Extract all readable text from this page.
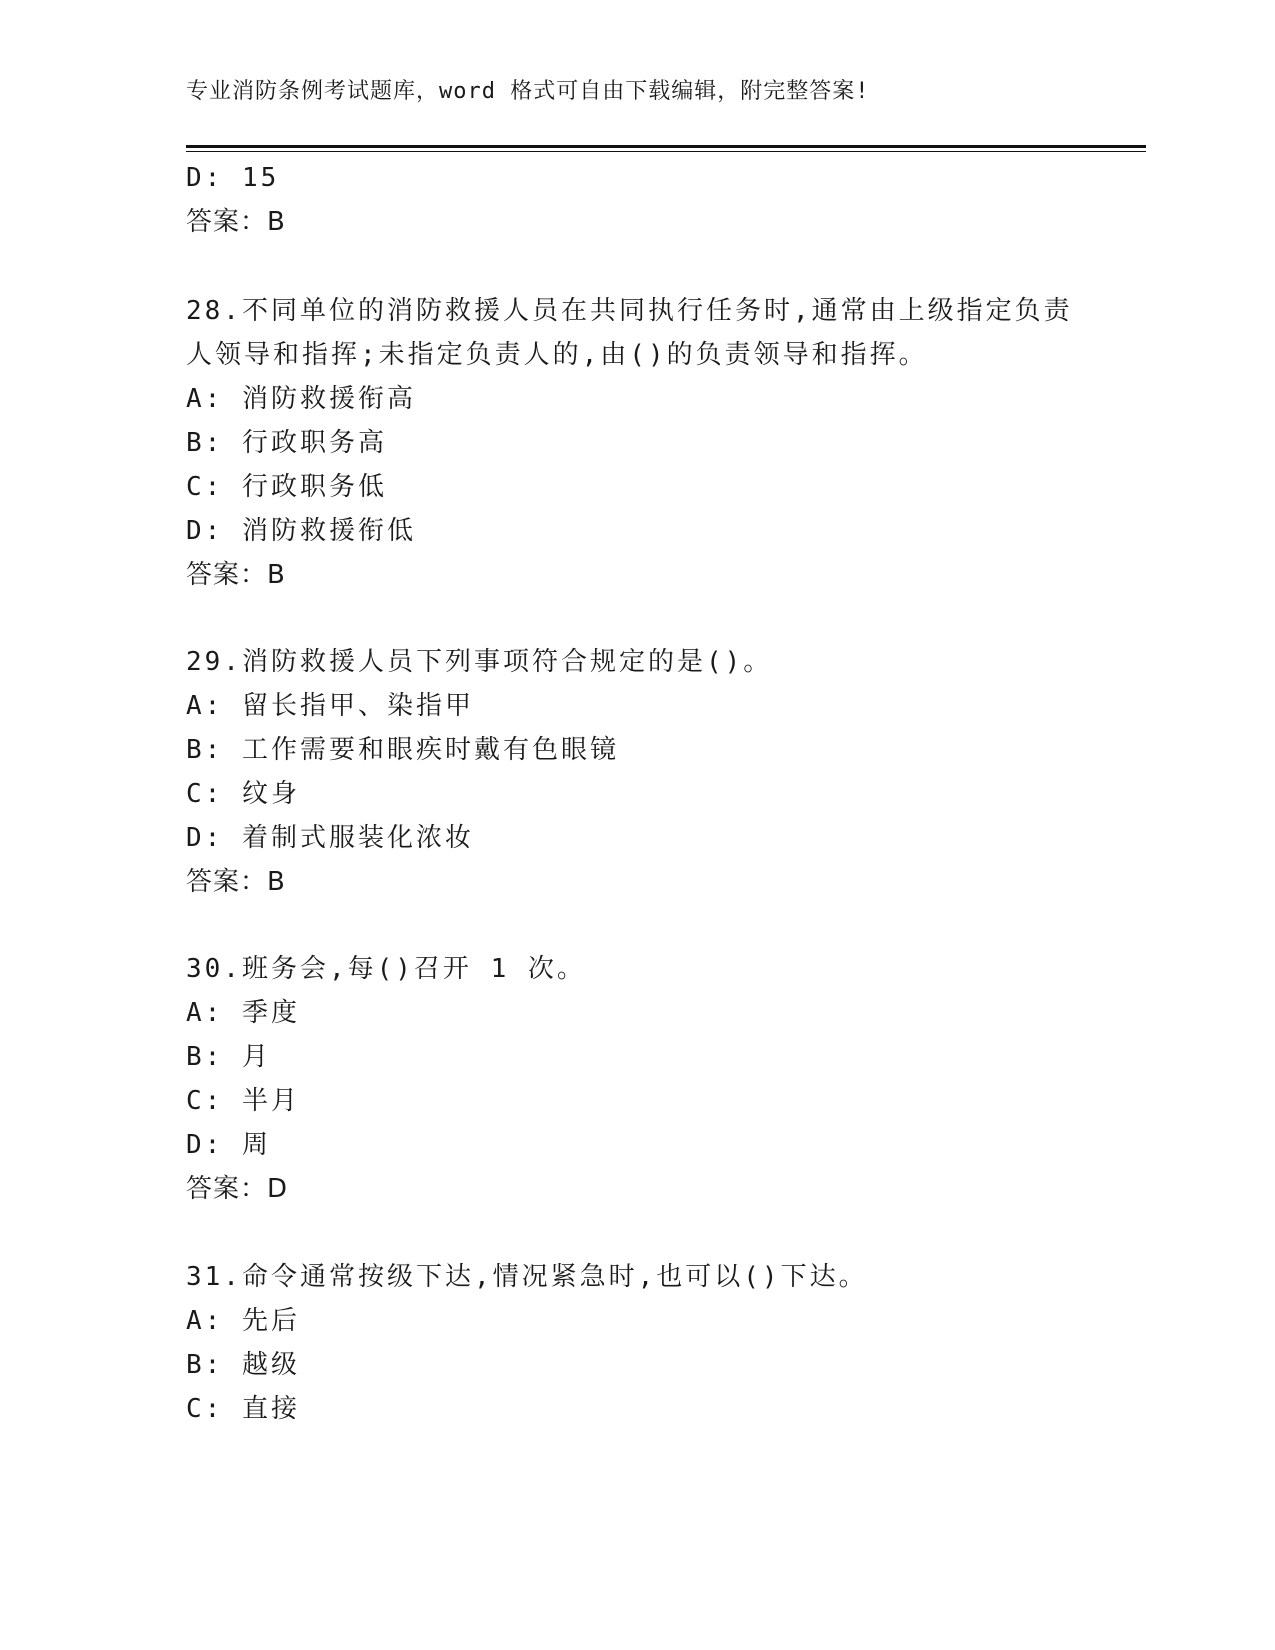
专业消防条例考试题库，word 格式可自由下载编辑，附完整答案!
D: 15
答案：B
28.不同单位的消防救援人员在共同执行任务时,通常由上级指定负责
人领导和指挥;未指定负责人的,由()的负责领导和指挥。
A: 消防救援衔高
B: 行政职务高
C: 行政职务低
D: 消防救援衔低
答案：B
29.消防救援人员下列事项符合规定的是()。
A: 留长指甲、染指甲
B: 工作需要和眼疾时戴有色眼镜
C: 纹身
D: 着制式服装化浓妆
答案：B
30.班务会,每()召开 1 次。
A: 季度
B: 月
C: 半月
D: 周
答案：D
31.命令通常按级下达,情况紧急时,也可以()下达。
A: 先后
B: 越级
C: 直接
